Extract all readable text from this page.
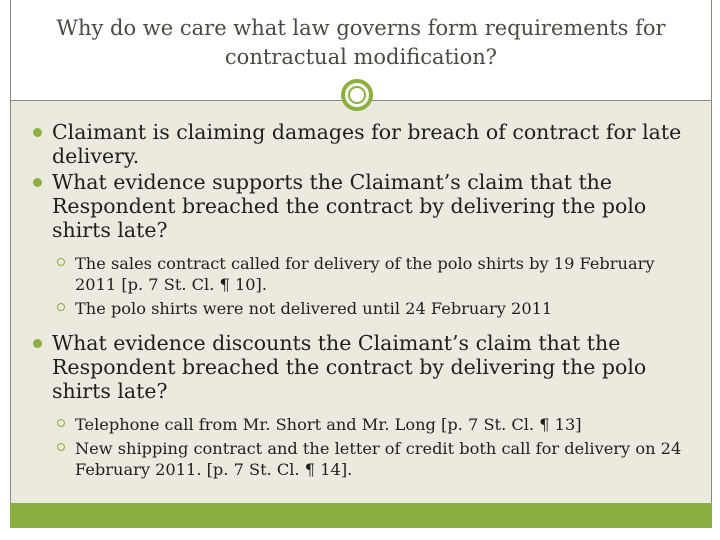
Why do we care what law governs form requirements for contractual modification?
Claimant is claiming damages for breach of contract for late delivery.
What evidence supports the Claimant’s claim that the Respondent breached the contract by delivering the polo shirts late?
The sales contract called for delivery of the polo shirts by 19 February 2011 [p. 7 St. Cl. ¶ 10].
The polo shirts were not delivered until 24 February 2011
What evidence discounts the Claimant’s claim that the Respondent breached the contract by delivering the polo shirts late?
Telephone call from Mr. Short and Mr. Long [p. 7 St. Cl. ¶ 13]
New shipping contract and the letter of credit both call for delivery on 24 February 2011. [p. 7 St. Cl. ¶ 14].
